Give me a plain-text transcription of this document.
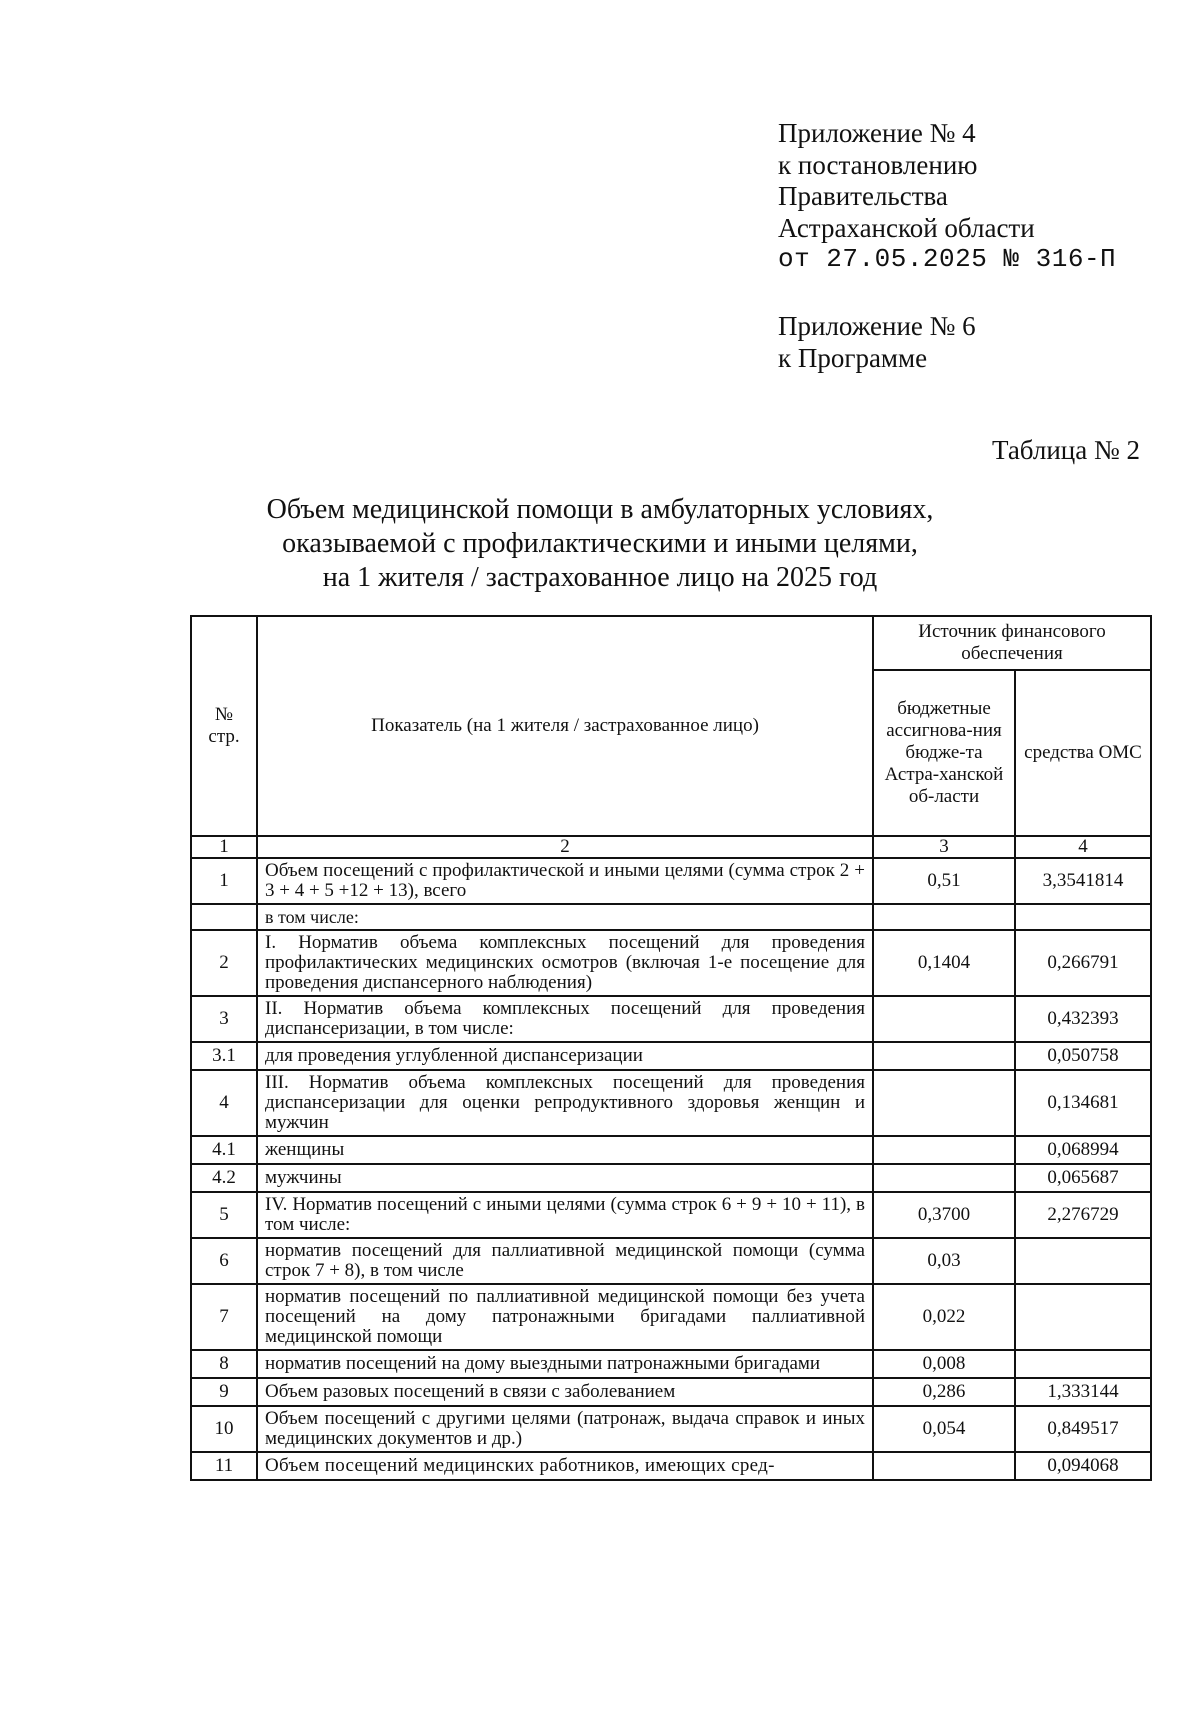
Приложение № 4
к постановлению
Правительства
Астраханской области
от 27.05.2025 № 316-П
Приложение № 6
к Программе
Таблица № 2
Объем медицинской помощи в амбулаторных условиях,
оказываемой с профилактическими и иными целями,
на 1 жителя / застрахованное лицо на 2025 год
№ стр.	Показатель (на 1 жителя / застрахованное лицо)	Источник финансового обеспечения	
		бюджетные ассигнова-ния бюдже-та Астра-ханской об-ласти	средства ОМС
1	2	3	4
1	Объем посещений с профилактической и иными целями (сумма строк 2 + 3 + 4 + 5 +12 + 13), всего	0,51	3,3541814
	в том числе:		
2	I. Норматив объема комплексных посещений для проведения профилактических медицинских осмотров (включая 1-е посещение для проведения диспансерного наблюдения)	0,1404	0,266791
3	II. Норматив объема комплексных посещений для проведения диспансеризации, в том числе:		0,432393
3.1	для проведения углубленной диспансеризации		0,050758
4	III. Норматив объема комплексных посещений для проведения диспансеризации для оценки репродуктивного здоровья женщин и мужчин		0,134681
4.1	женщины		0,068994
4.2	мужчины		0,065687
5	IV. Норматив посещений с иными целями (сумма строк 6 + 9 + 10 + 11), в том числе:	0,3700	2,276729
6	норматив посещений для паллиативной медицинской помощи (сумма строк 7 + 8), в том числе	0,03	
7	норматив посещений по паллиативной медицинской помощи без учета посещений на дому патронажными бригадами паллиативной медицинской помощи	0,022	
8	норматив посещений на дому выездными патронажными бригадами	0,008	
9	Объем разовых посещений в связи с заболеванием	0,286	1,333144
10	Объем посещений с другими целями (патронаж, выдача справок и иных медицинских документов и др.)	0,054	0,849517
11	Объем посещений медицинских работников, имеющих сред-		0,094068
